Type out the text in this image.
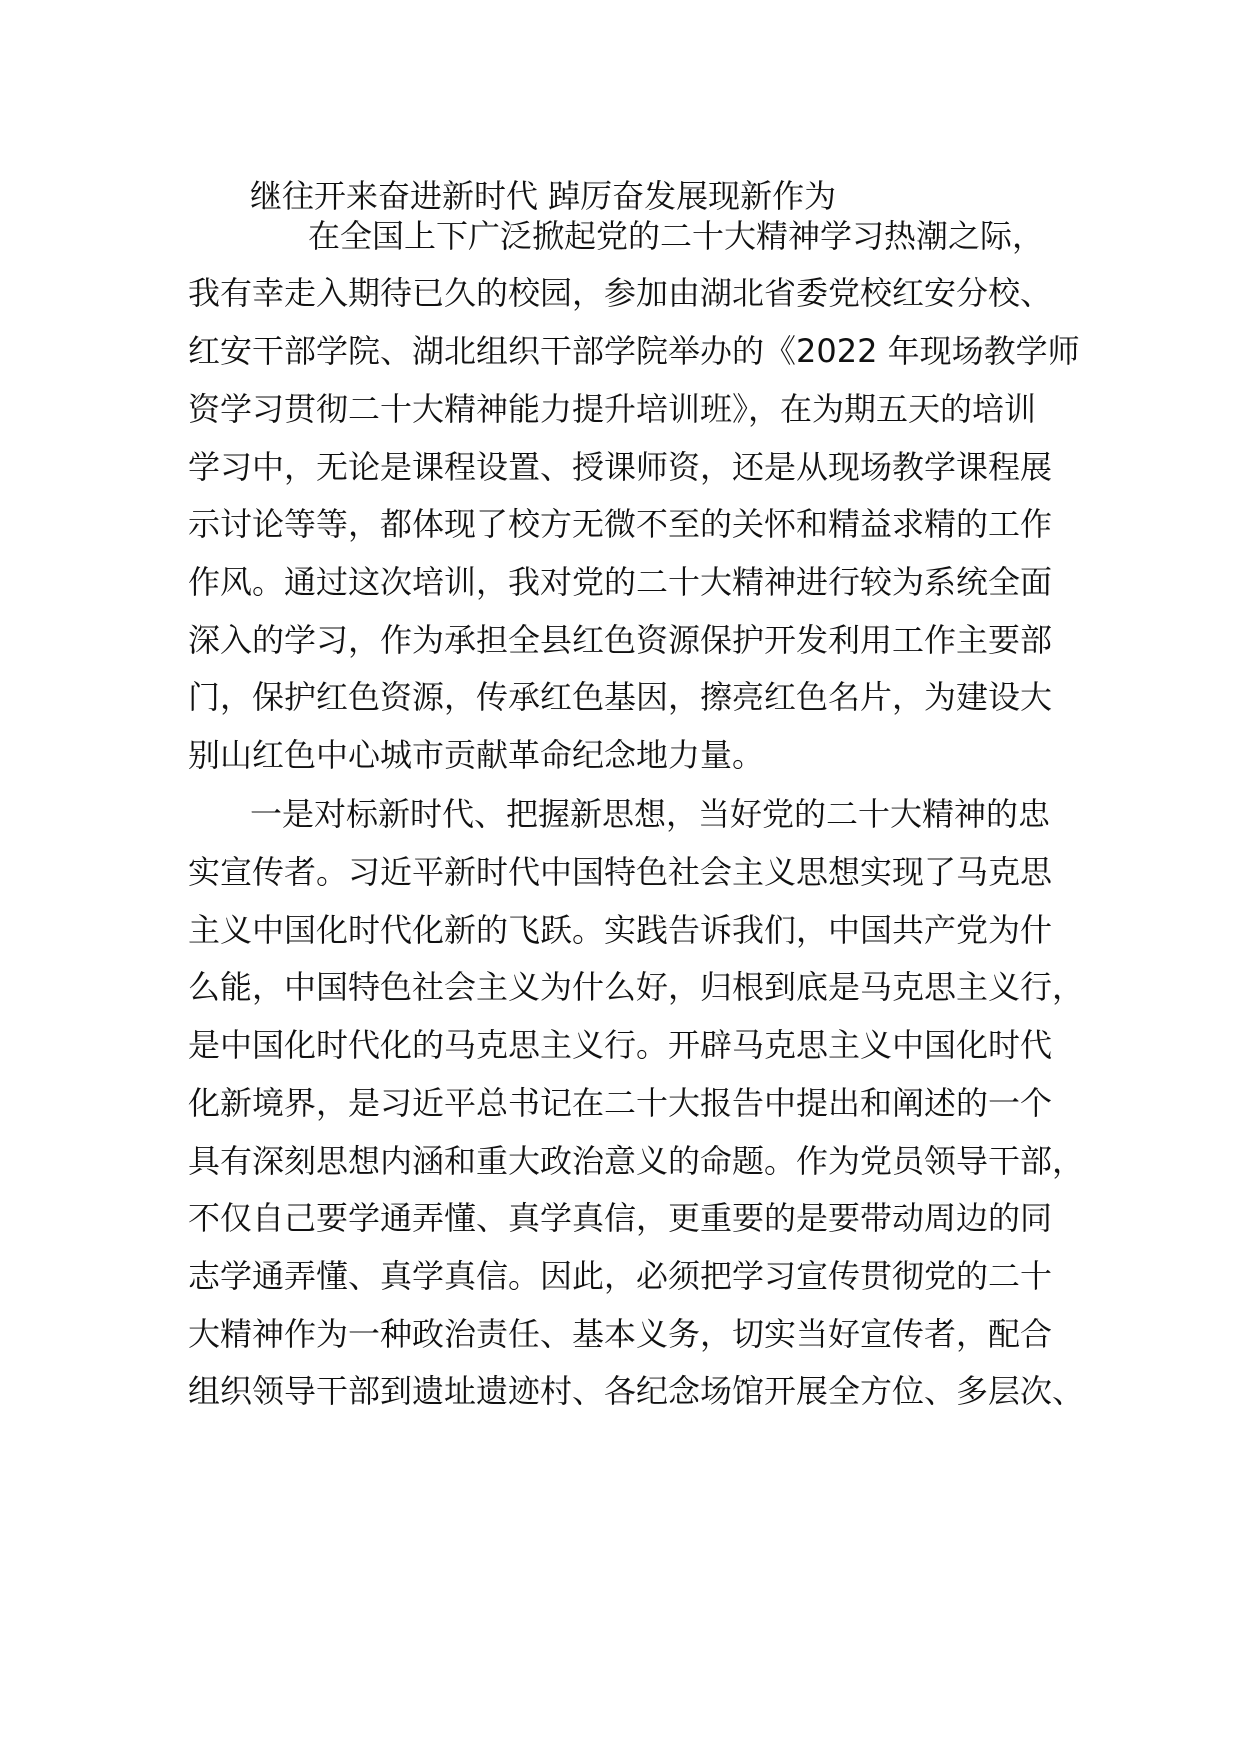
继往开来奋进新时代 踔厉奋发展现新作为
在全国上下广泛掀起党的二十大精神学习热潮之际，
我有幸走入期待已久的校园，参加由湖北省委党校红安分校、
红安干部学院、湖北组织干部学院举办的《2022 年现场教学师
资学习贯彻二十大精神能力提升培训班》，在为期五天的培训
学习中，无论是课程设置、授课师资，还是从现场教学课程展
示讨论等等，都体现了校方无微不至的关怀和精益求精的工作
作风。通过这次培训，我对党的二十大精神进行较为系统全面
深入的学习，作为承担全县红色资源保护开发利用工作主要部
门，保护红色资源，传承红色基因，擦亮红色名片，为建设大
别山红色中心城市贡献革命纪念地力量。
一是对标新时代、把握新思想，当好党的二十大精神的忠
实宣传者。习近平新时代中国特色社会主义思想实现了马克思
主义中国化时代化新的飞跃。实践告诉我们，中国共产党为什
么能，中国特色社会主义为什么好，归根到底是马克思主义行，
是中国化时代化的马克思主义行。开辟马克思主义中国化时代
化新境界，是习近平总书记在二十大报告中提出和阐述的一个
具有深刻思想内涵和重大政治意义的命题。作为党员领导干部，
不仅自己要学通弄懂、真学真信，更重要的是要带动周边的同
志学通弄懂、真学真信。因此，必须把学习宣传贯彻党的二十
大精神作为一种政治责任、基本义务，切实当好宣传者，配合
组织领导干部到遗址遗迹村、各纪念场馆开展全方位、多层次、
